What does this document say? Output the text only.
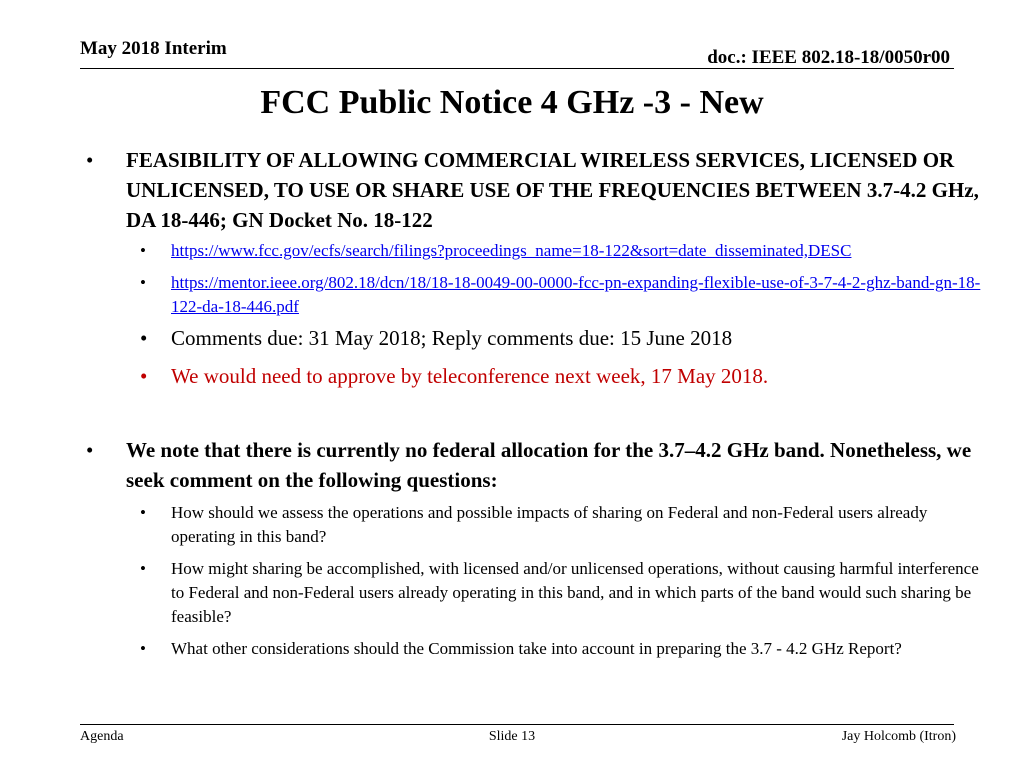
May 2018 Interim	doc.: IEEE 802.18-18/0050r00
FCC Public Notice 4 GHz -3 - New
• FEASIBILITY OF ALLOWING COMMERCIAL WIRELESS SERVICES, LICENSED OR UNLICENSED, TO USE OR SHARE USE OF THE FREQUENCIES BETWEEN 3.7-4.2 GHz, DA 18-446; GN Docket No. 18-122
• https://www.fcc.gov/ecfs/search/filings?proceedings_name=18-122&sort=date_disseminated,DESC
• https://mentor.ieee.org/802.18/dcn/18/18-18-0049-00-0000-fcc-pn-expanding-flexible-use-of-3-7-4-2-ghz-band-gn-18-122-da-18-446.pdf
• Comments due: 31 May 2018; Reply comments due: 15 June 2018
• We would need to approve by teleconference next week, 17 May 2018.
• We note that there is currently no federal allocation for the 3.7–4.2 GHz band. Nonetheless, we seek comment on the following questions:
• How should we assess the operations and possible impacts of sharing on Federal and non-Federal users already operating in this band?
• How might sharing be accomplished, with licensed and/or unlicensed operations, without causing harmful interference to Federal and non-Federal users already operating in this band, and in which parts of the band would such sharing be feasible?
• What other considerations should the Commission take into account in preparing the 3.7 - 4.2 GHz Report?
Agenda	Slide 13	Jay Holcomb (Itron)
